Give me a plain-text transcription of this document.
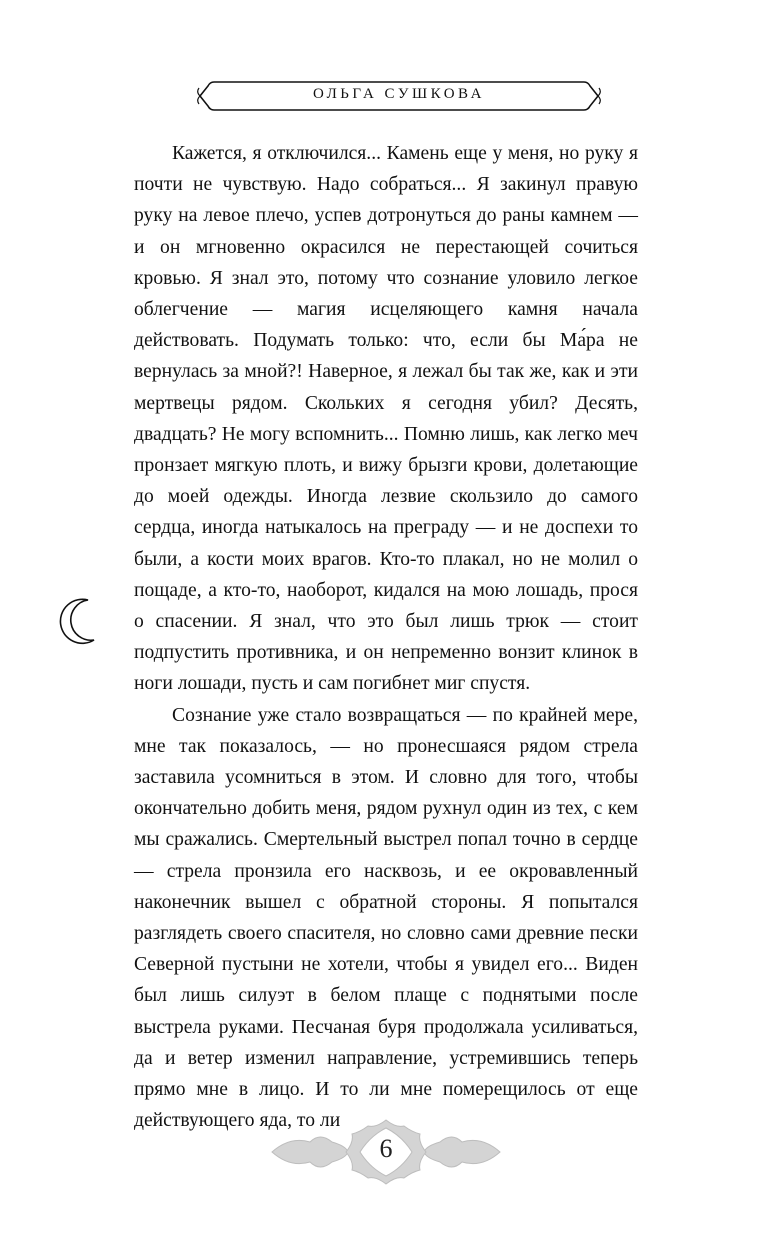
ОЛЬГА СУШКОВА

Кажется, я отключился... Камень еще у меня, но руку я почти не чувствую. Надо собраться... Я закинул правую руку на левое плечо, успев дотронуться до раны камнем — и он мгновенно окрасился не перестающей сочиться кровью. Я знал это, потому что сознание уловило легкое облегчение — магия исцеляющего камня начала действовать. Подумать только: что, если бы Ма́ра не вернулась за мной?! Наверное, я лежал бы так же, как и эти мертвецы рядом. Скольких я сегодня убил? Десять, двадцать? Не могу вспомнить... Помню лишь, как легко меч пронзает мягкую плоть, и вижу брызги крови, долетающие до моей одежды. Иногда лезвие скользило до самого сердца, иногда натыкалось на преграду — и не доспехи то были, а кости моих врагов. Кто-то плакал, но не молил о пощаде, а кто-то, наоборот, кидался на мою лошадь, прося о спасении. Я знал, что это был лишь трюк — стоит подпустить противника, и он непременно вонзит клинок в ноги лошади, пусть и сам погибнет миг спустя.

Сознание уже стало возвращаться — по крайней мере, мне так показалось, — но пронесшаяся рядом стрела заставила усомниться в этом. И словно для того, чтобы окончательно добить меня, рядом рухнул один из тех, с кем мы сражались. Смертельный выстрел попал точно в сердце — стрела пронзила его насквозь, и ее окровавленный наконечник вышел с обратной стороны. Я попытался разглядеть своего спасителя, но словно сами древние пески Северной пустыни не хотели, чтобы я увидел его... Виден был лишь силуэт в белом плаще с поднятыми после выстрела руками. Песчаная буря продолжала усиливаться, да и ветер изменил направление, устремившись теперь прямо мне в лицо. И то ли мне померещилось от еще действующего яда, то ли

6
